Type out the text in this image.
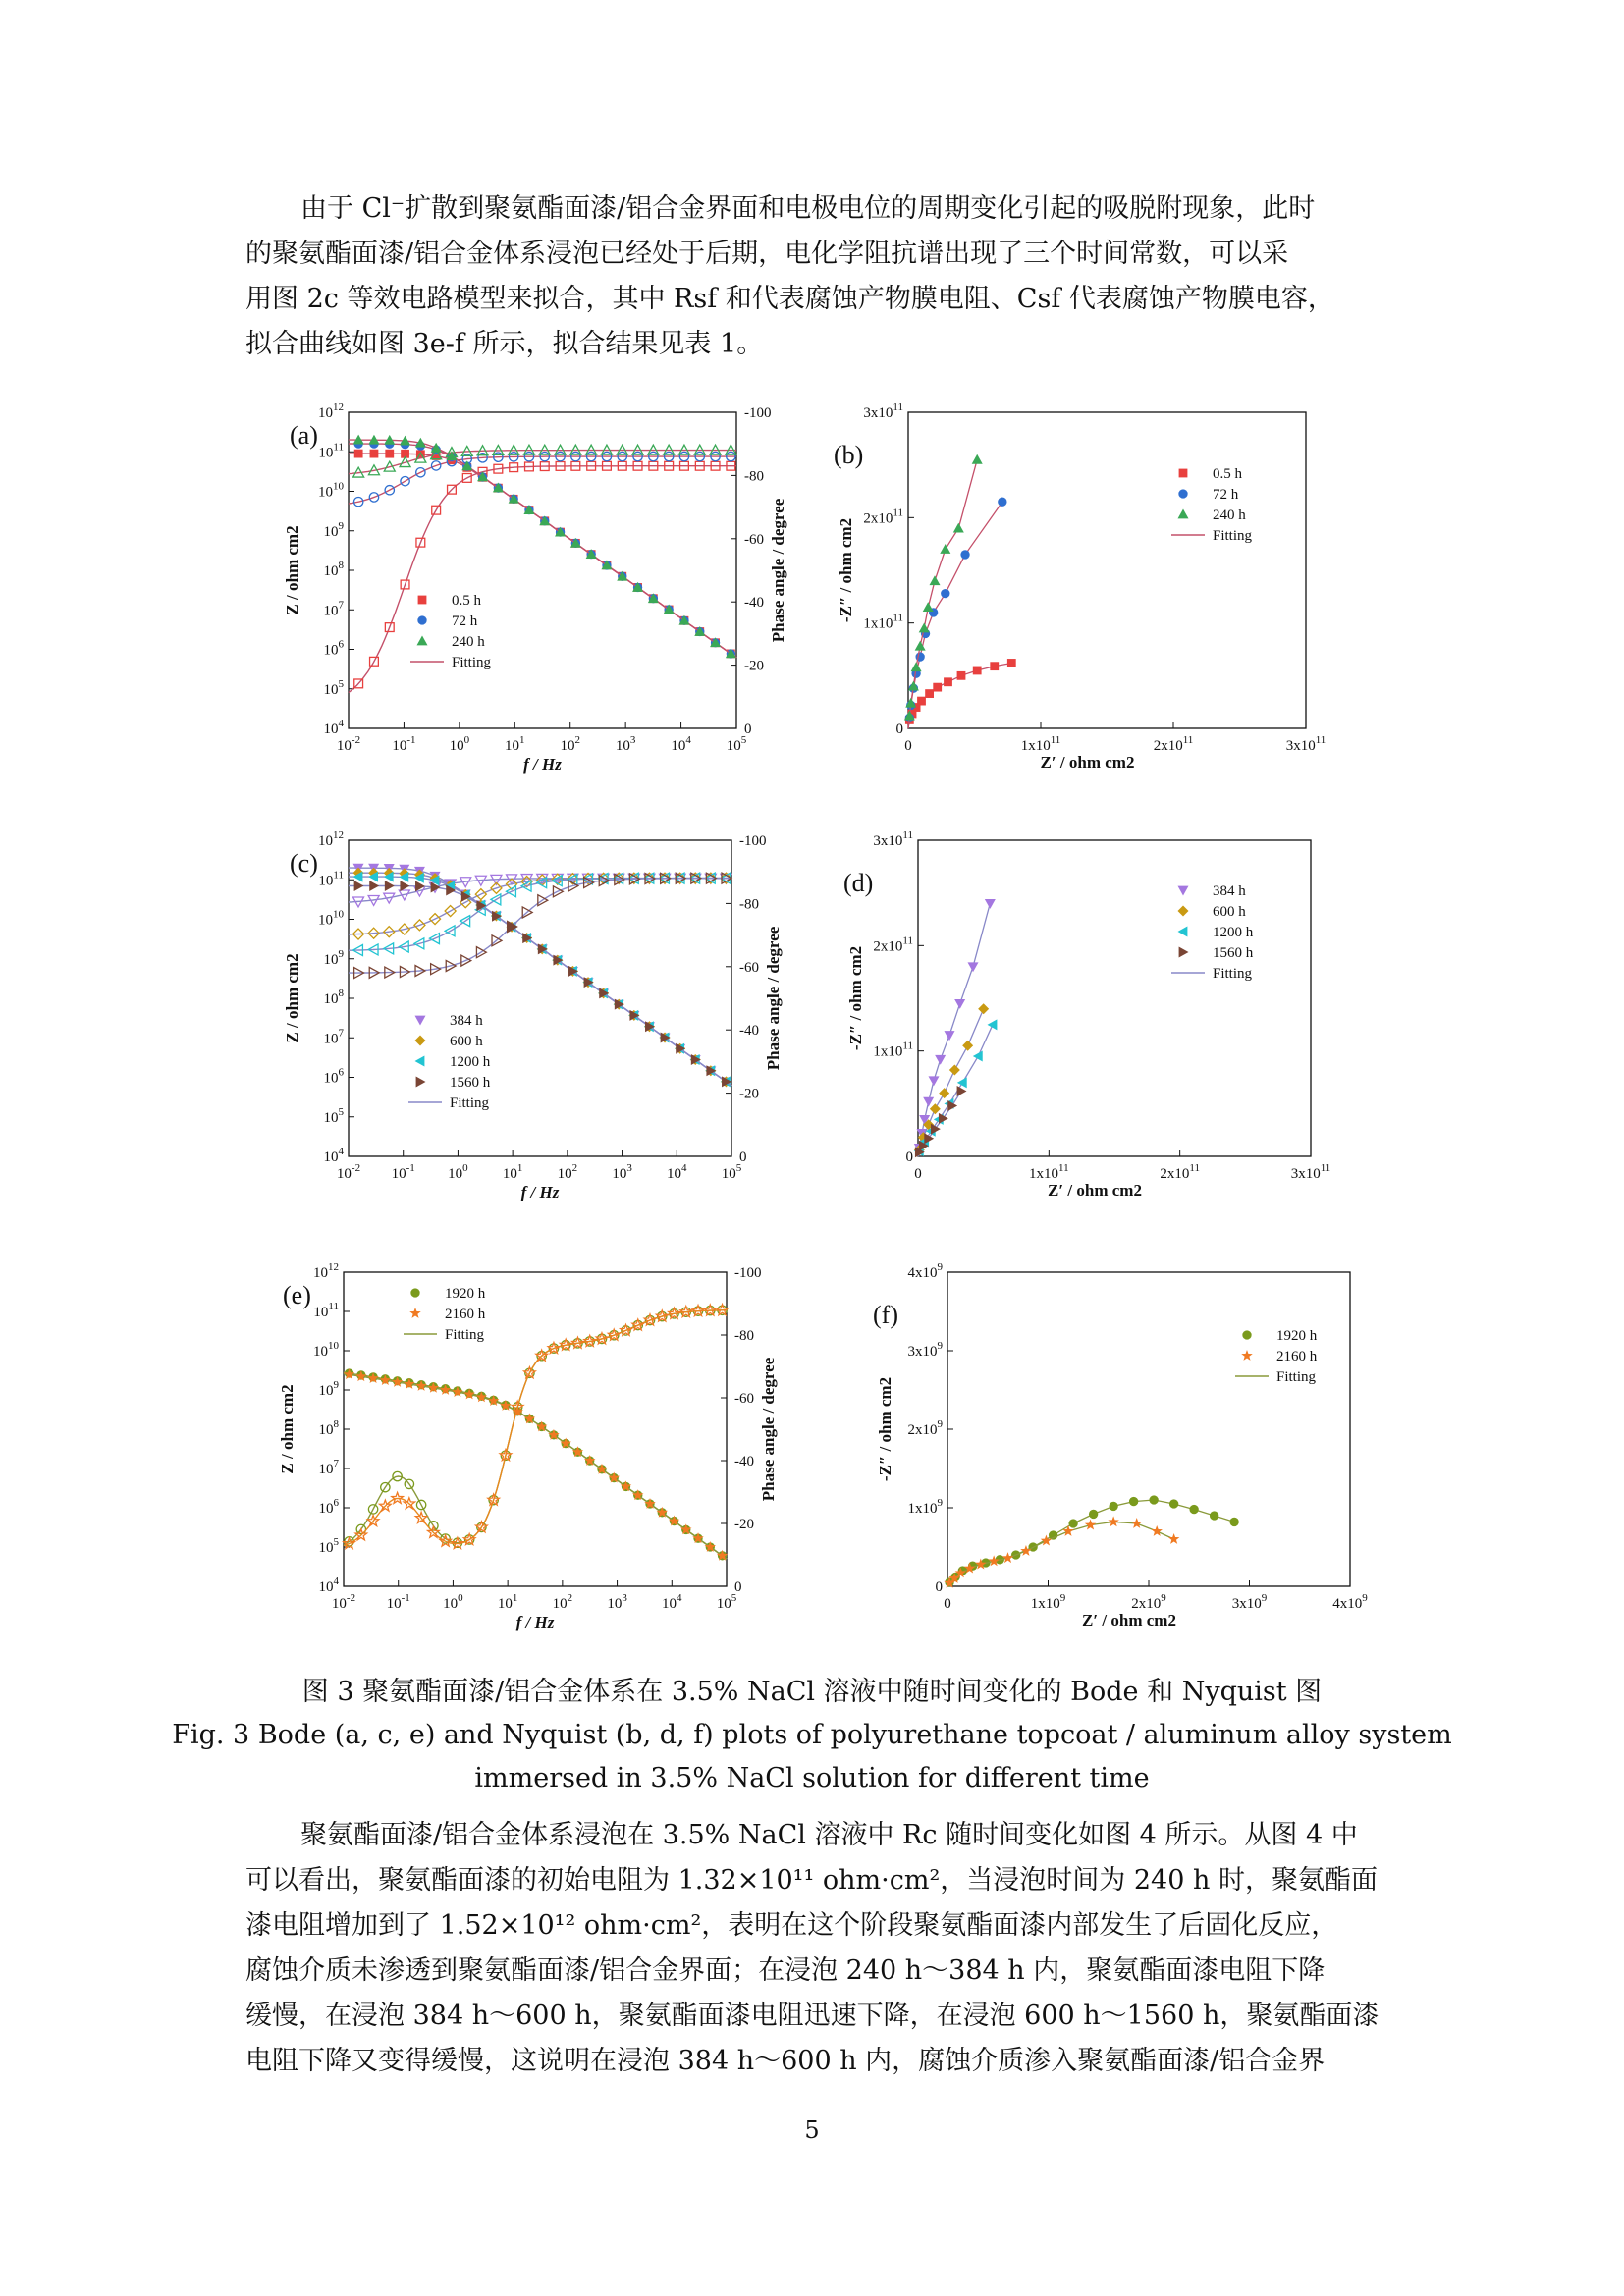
由于 Cl⁻扩散到聚氨酯面漆/铝合金界面和电极电位的周期变化引起的吸脱附现象，此时
的聚氨酯面漆/铝合金体系浸泡已经处于后期，电化学阻抗谱出现了三个时间常数，可以采
用图 2c 等效电路模型来拟合，其中 Rsf 和代表腐蚀产物膜电阻、Csf 代表腐蚀产物膜电容，
拟合曲线如图 3e-f 所示，拟合结果见表 1。
$10^{-2}$ $10^{-1}$ $10^0$ $10^1$ $10^2$ $10^3$ $10^4$ $10^5$
$10^{12}$
$10^{11}$
$10^{10}$
$10^9$
$10^8$
$10^7$
$10^6$
$10^5$
$10^4$
-100
-80
-60
-40
-20
0
f / Hz
Z / ohm cm2	Phase angle / degree
(a)
0.5 h
72 h
240 h
Fitting
0	$1x10^{11}$	$2x10^{11}$	$3x10^{11}$
0
$1x10^{11}$
$2x10^{11}$
$3x10^{11}$
Z′ / ohm cm2
-Z″ / ohm cm2
(b)
0.5 h
72 h
240 h
Fitting
$10^{-2}$ $10^{-1}$ $10^0$ $10^1$ $10^2$ $10^3$ $10^4$ $10^5$
$10^{12}$
$10^{11}$
$10^{10}$
$10^9$
$10^8$
$10^7$
$10^6$
$10^5$
$10^4$
-100
-80
-60
-40
-20
0
f / Hz
Z / ohm cm2	Phase angle / degree
(c)
384 h
600 h
1200 h
1560 h
Fitting
0	$1x10^{11}$	$2x10^{11}$	$3x10^{11}$
0
$1x10^{11}$
$2x10^{11}$
$3x10^{11}$
Z′ / ohm cm2
-Z″ / ohm cm2
(d)	384 h
600 h
1200 h
1560 h
Fitting
$10^{-2}$ $10^{-1}$ $10^0$ $10^1$ $10^2$ $10^3$ $10^4$ $10^5$
$10^{12}$
$10^{11}$
$10^{10}$
$10^9$
$10^8$
$10^7$
$10^6$
$10^5$
$10^4$
-100
-80
-60
-40
-20
0
f / Hz
Z / ohm cm2	Phase angle / degree
(e)	1920 h
2160 h
Fitting
0	$1x10^9$	$2x10^9$	$3x10^9$	$4x10^9$
0
$1x10^9$
$2x10^9$
$3x10^9$
$4x10^9$
Z′ / ohm cm2
-Z″ / ohm cm2
(f)
1920 h
2160 h
Fitting
图 3 聚氨酯面漆/铝合金体系在 3.5% NaCl 溶液中随时间变化的 Bode 和 Nyquist 图
Fig. 3 Bode (a, c, e) and Nyquist (b, d, f) plots of polyurethane topcoat / aluminum alloy system
immersed in 3.5% NaCl solution for different time
聚氨酯面漆/铝合金体系浸泡在 3.5% NaCl 溶液中 Rc 随时间变化如图 4 所示。从图 4 中
可以看出，聚氨酯面漆的初始电阻为 1.32×10¹¹ ohm·cm²，当浸泡时间为 240 h 时，聚氨酯面
漆电阻增加到了 1.52×10¹² ohm·cm²，表明在这个阶段聚氨酯面漆内部发生了后固化反应，
腐蚀介质未渗透到聚氨酯面漆/铝合金界面；在浸泡 240 h～384 h 内，聚氨酯面漆电阻下降
缓慢，在浸泡 384 h～600 h，聚氨酯面漆电阻迅速下降，在浸泡 600 h～1560 h，聚氨酯面漆
电阻下降又变得缓慢，这说明在浸泡 384 h～600 h 内，腐蚀介质渗入聚氨酯面漆/铝合金界
5
